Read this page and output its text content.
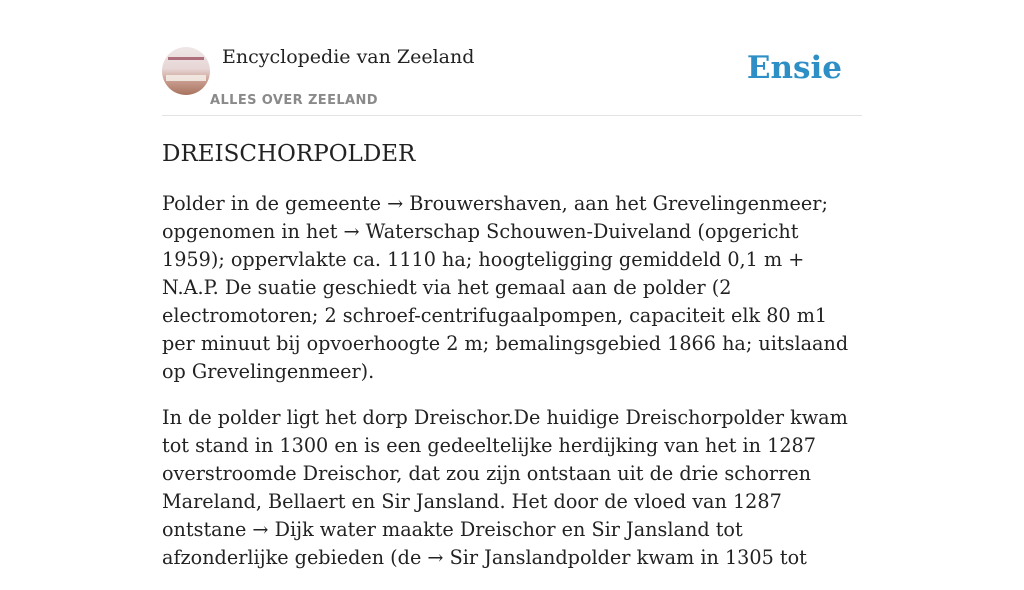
Encyclopedie van Zeeland
ALLES OVER ZEELAND
Ensie
DREISCHORPOLDER

Polder in de gemeente → Brouwershaven, aan het Grevelingenmeer; opgenomen in het → Waterschap Schouwen-Duiveland (opgericht 1959); oppervlakte ca. 1110 ha; hoogteligging gemiddeld 0,1 m + N.A.P. De suatie geschiedt via het gemaal aan de polder (2 electromotoren; 2 schroef-centrifugaalpompen, capaciteit elk 80 m1 per minuut bij opvoerhoogte 2 m; bemalingsgebied 1866 ha; uitslaand op Grevelingenmeer).

In de polder ligt het dorp Dreischor.De huidige Dreischorpolder kwam tot stand in 1300 en is een gedeeltelijke herdijking van het in 1287 overstroomde Dreischor, dat zou zijn ontstaan uit de drie schorren Mareland, Bellaert en Sir Jansland. Het door de vloed van 1287 ontstane → Dijk water maakte Dreischor en Sir Jansland tot afzonderlijke gebieden (de → Sir Janslandpolder kwam in 1305 tot
